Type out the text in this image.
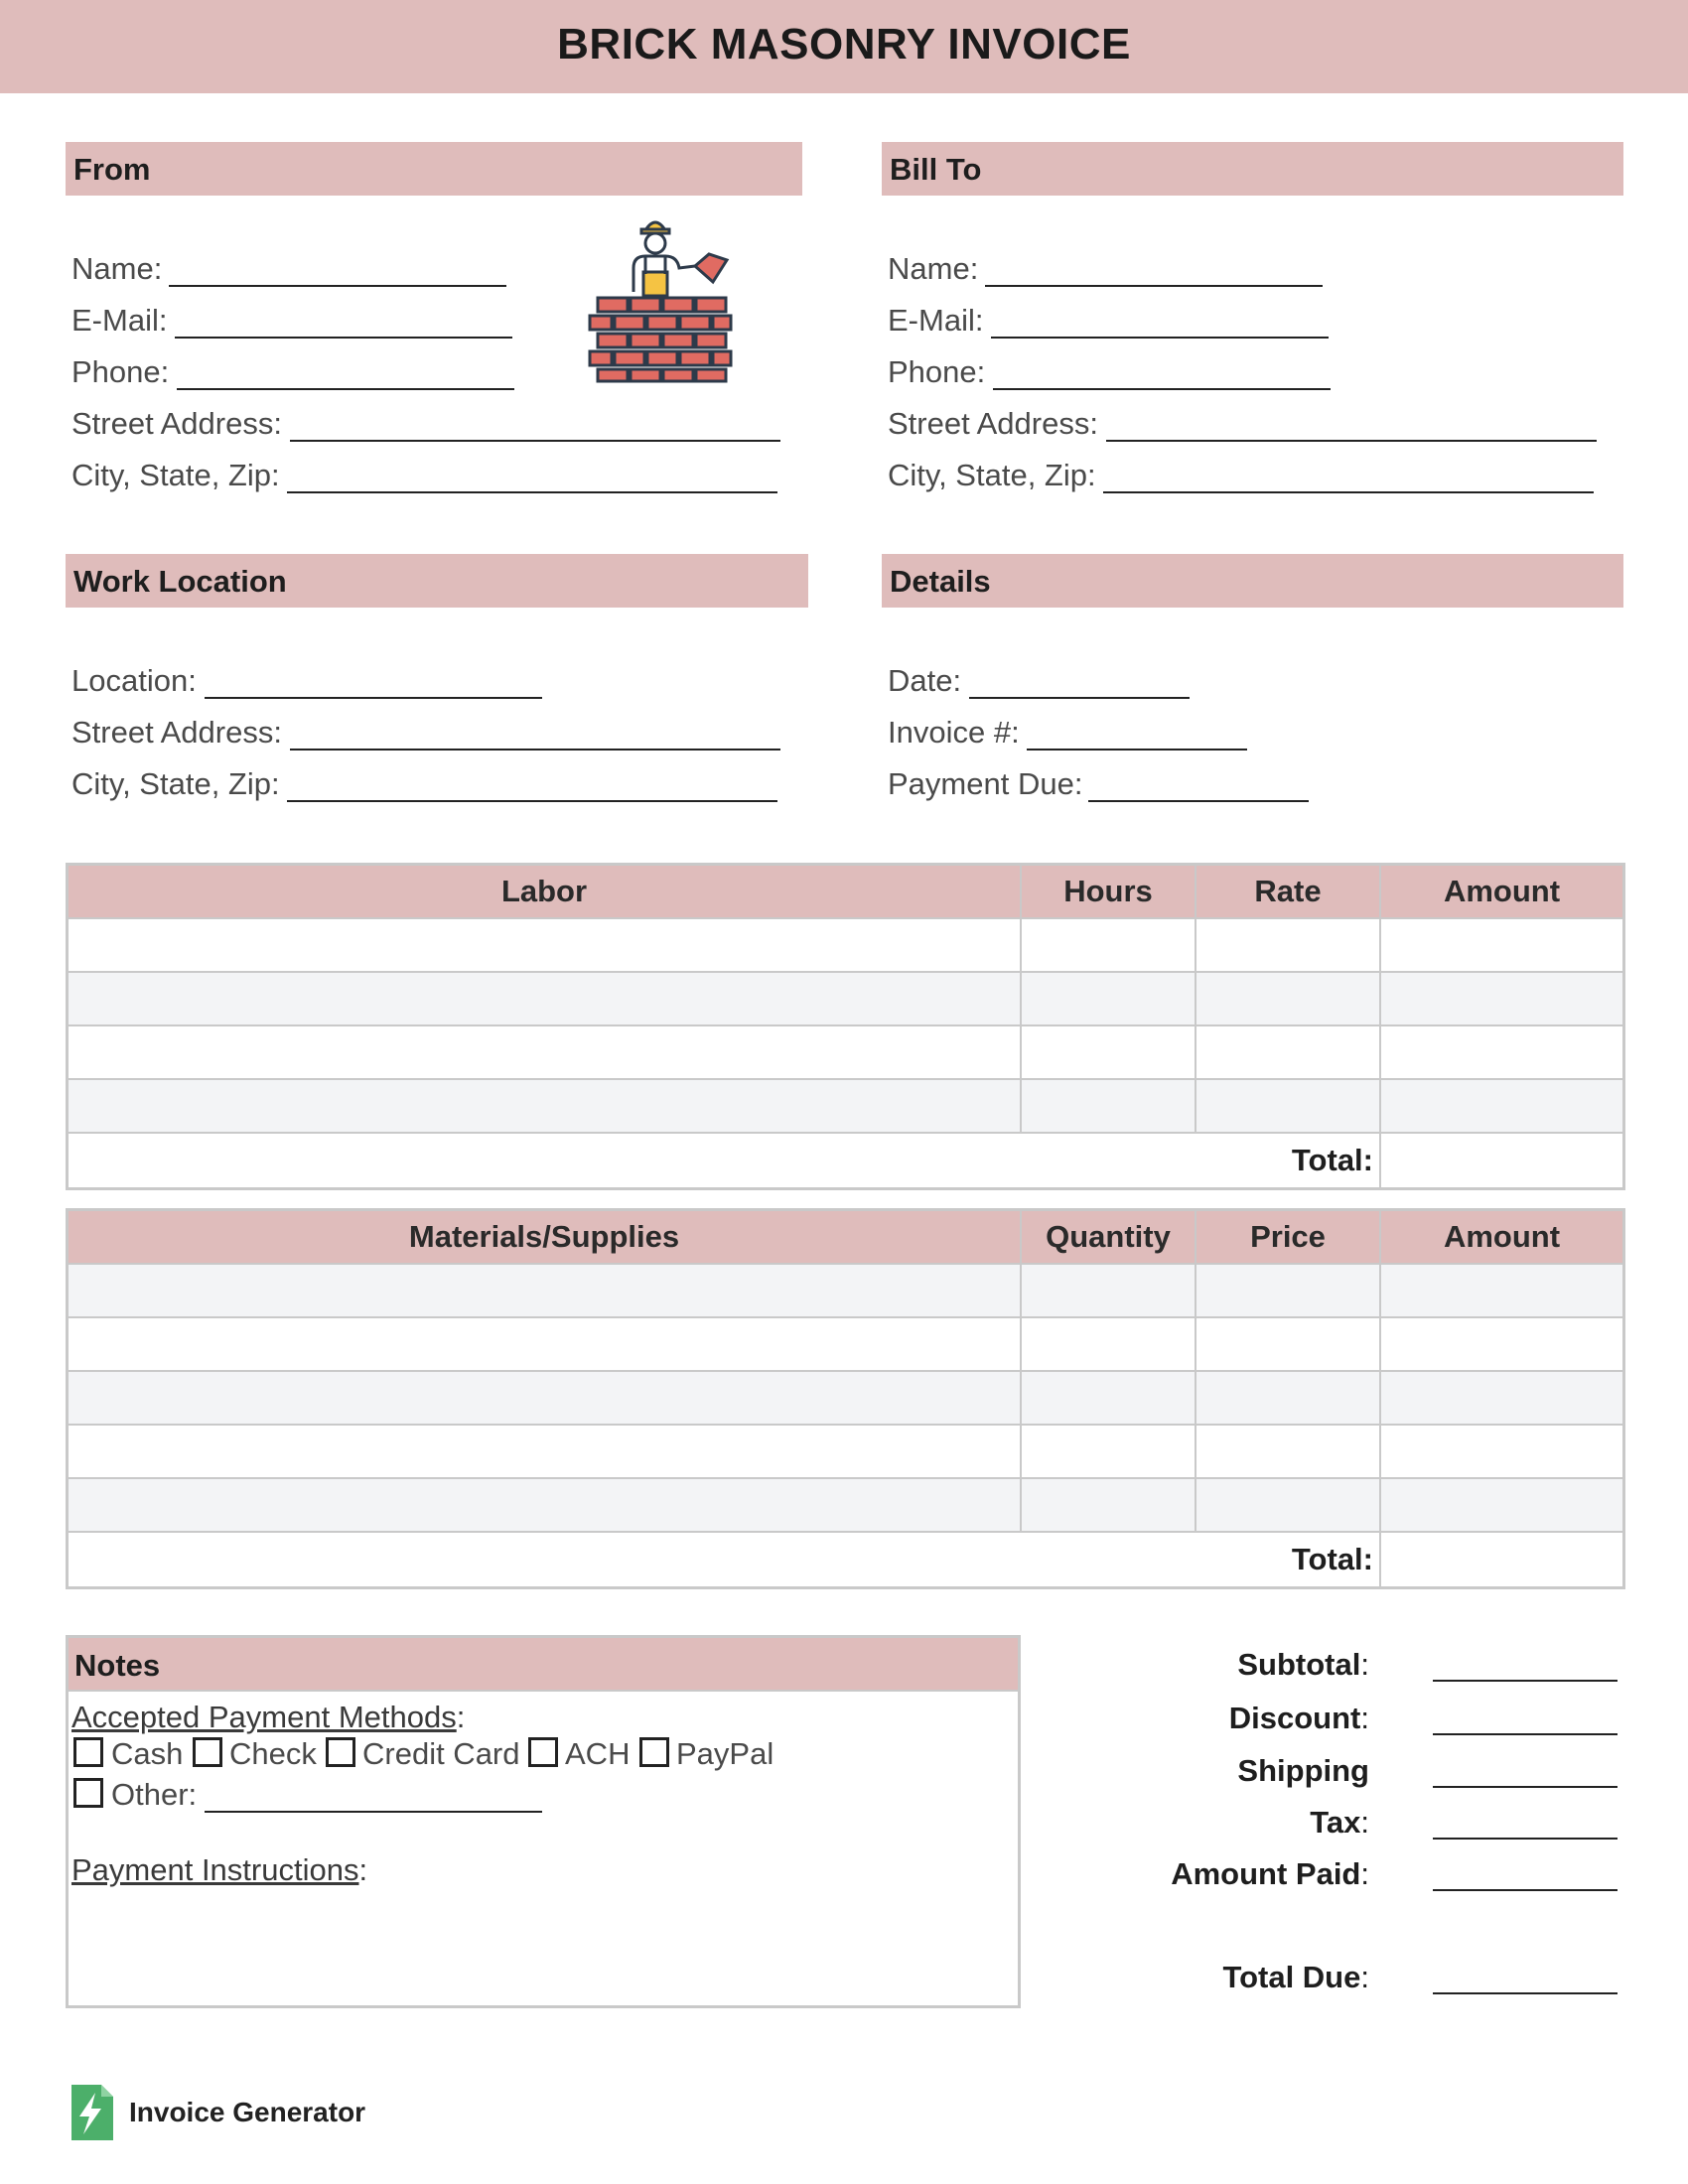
BRICK MASONRY INVOICE
From
Name:
E-Mail:
Phone:
Street Address:
City, State, Zip:
Bill To
Name:
E-Mail:
Phone:
Street Address:
City, State, Zip:
Work Location
Location:
Street Address:
City, State, Zip:
Details
Date:
Invoice #:
Payment Due:
Labor	Hours	Rate	Amount
Total:
Materials/Supplies	Quantity	Price	Amount
Total:
Notes
Accepted Payment Methods:
Cash Check Credit Card ACH PayPal
Other:
Payment Instructions:
Subtotal:
Discount:
Shipping
Tax:
Amount Paid:
Total Due:
Invoice Generator
